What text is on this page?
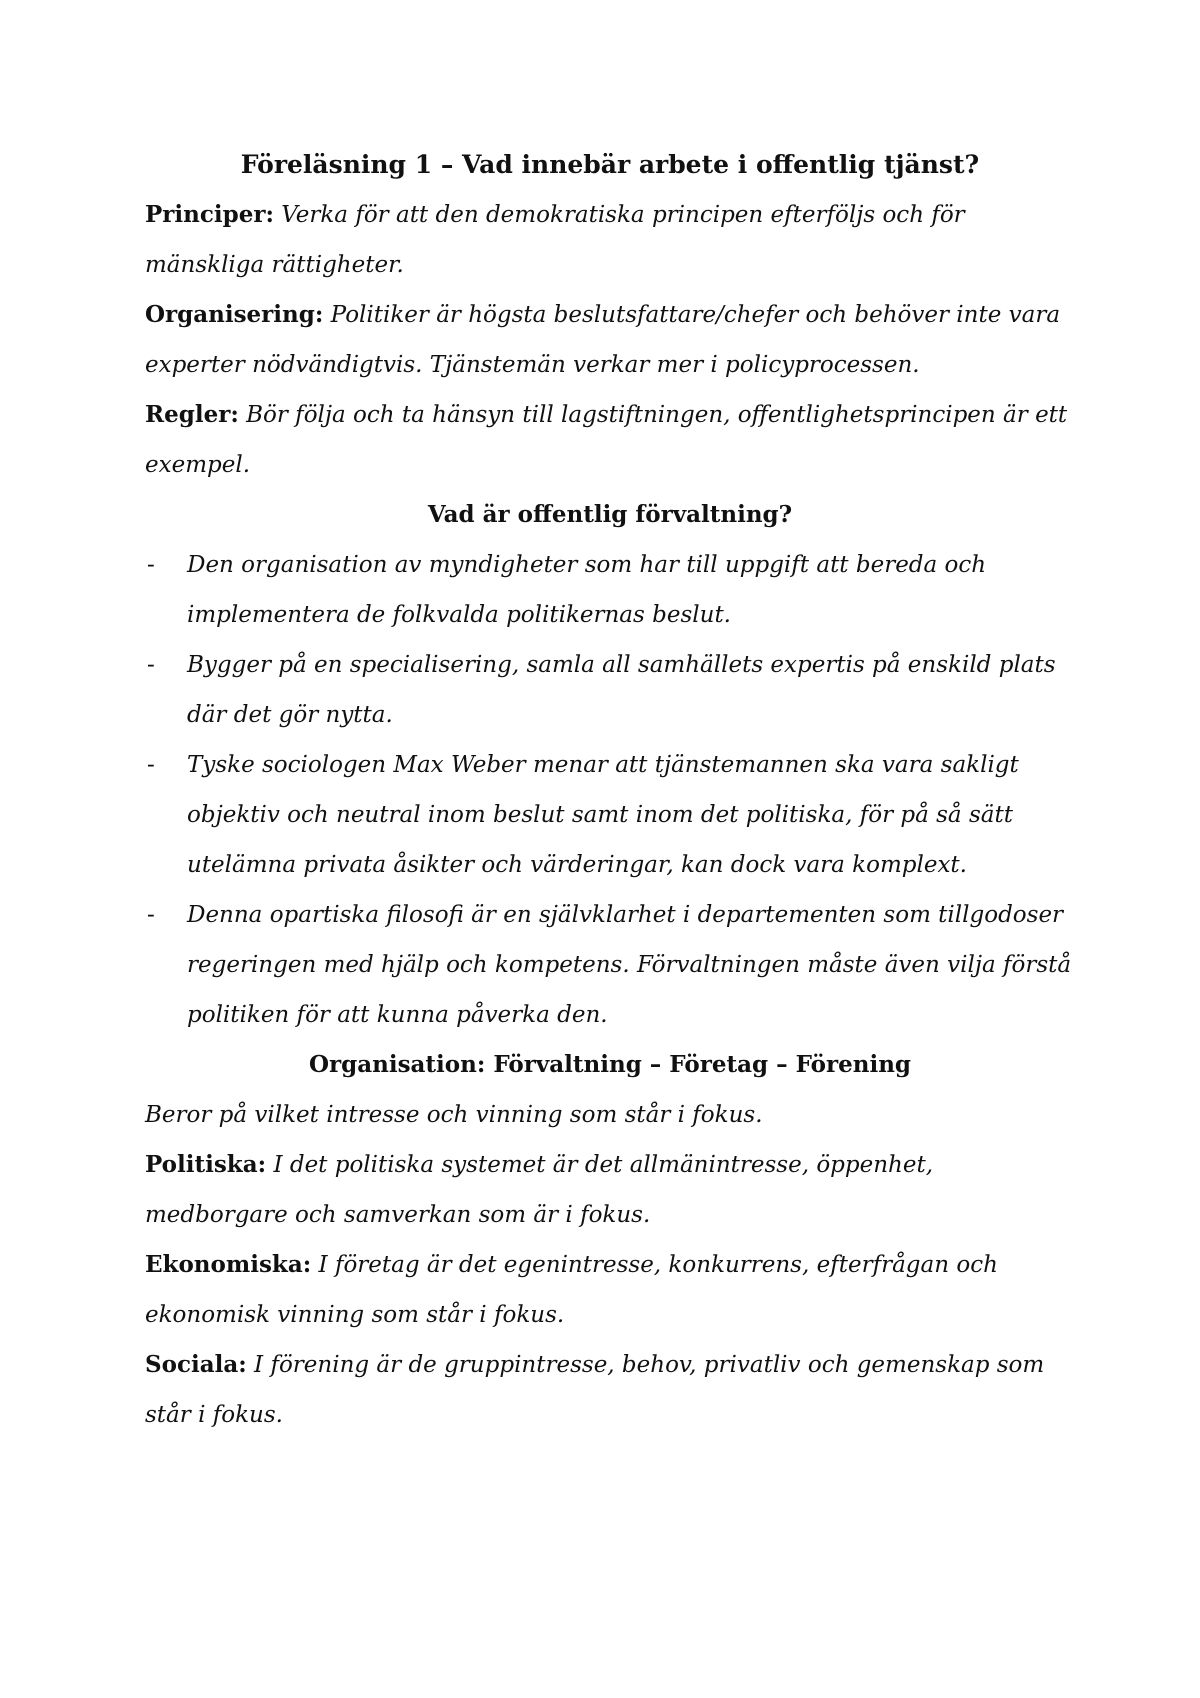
Föreläsning 1 – Vad innebär arbete i offentlig tjänst?

Principer: Verka för att den demokratiska principen efterföljs och för mänskliga rättigheter.

Organisering: Politiker är högsta beslutsfattare/chefer och behöver inte vara experter nödvändigtvis. Tjänstemän verkar mer i policyprocessen.

Regler: Bör följa och ta hänsyn till lagstiftningen, offentlighetsprincipen är ett exempel.

Vad är offentlig förvaltning?

- Den organisation av myndigheter som har till uppgift att bereda och implementera de folkvalda politikernas beslut.
- Bygger på en specialisering, samla all samhällets expertis på enskild plats där det gör nytta.
- Tyske sociologen Max Weber menar att tjänstemannen ska vara sakligt objektiv och neutral inom beslut samt inom det politiska, för på så sätt utelämna privata åsikter och värderingar, kan dock vara komplext.
- Denna opartiska filosofi är en självklarhet i departementen som tillgodoser regeringen med hjälp och kompetens. Förvaltningen måste även vilja förstå politiken för att kunna påverka den.

Organisation: Förvaltning – Företag – Förening

Beror på vilket intresse och vinning som står i fokus.

Politiska: I det politiska systemet är det allmänintresse, öppenhet, medborgare och samverkan som är i fokus.

Ekonomiska: I företag är det egenintresse, konkurrens, efterfrågan och ekonomisk vinning som står i fokus.

Sociala: I förening är de gruppintresse, behov, privatliv och gemenskap som står i fokus.
